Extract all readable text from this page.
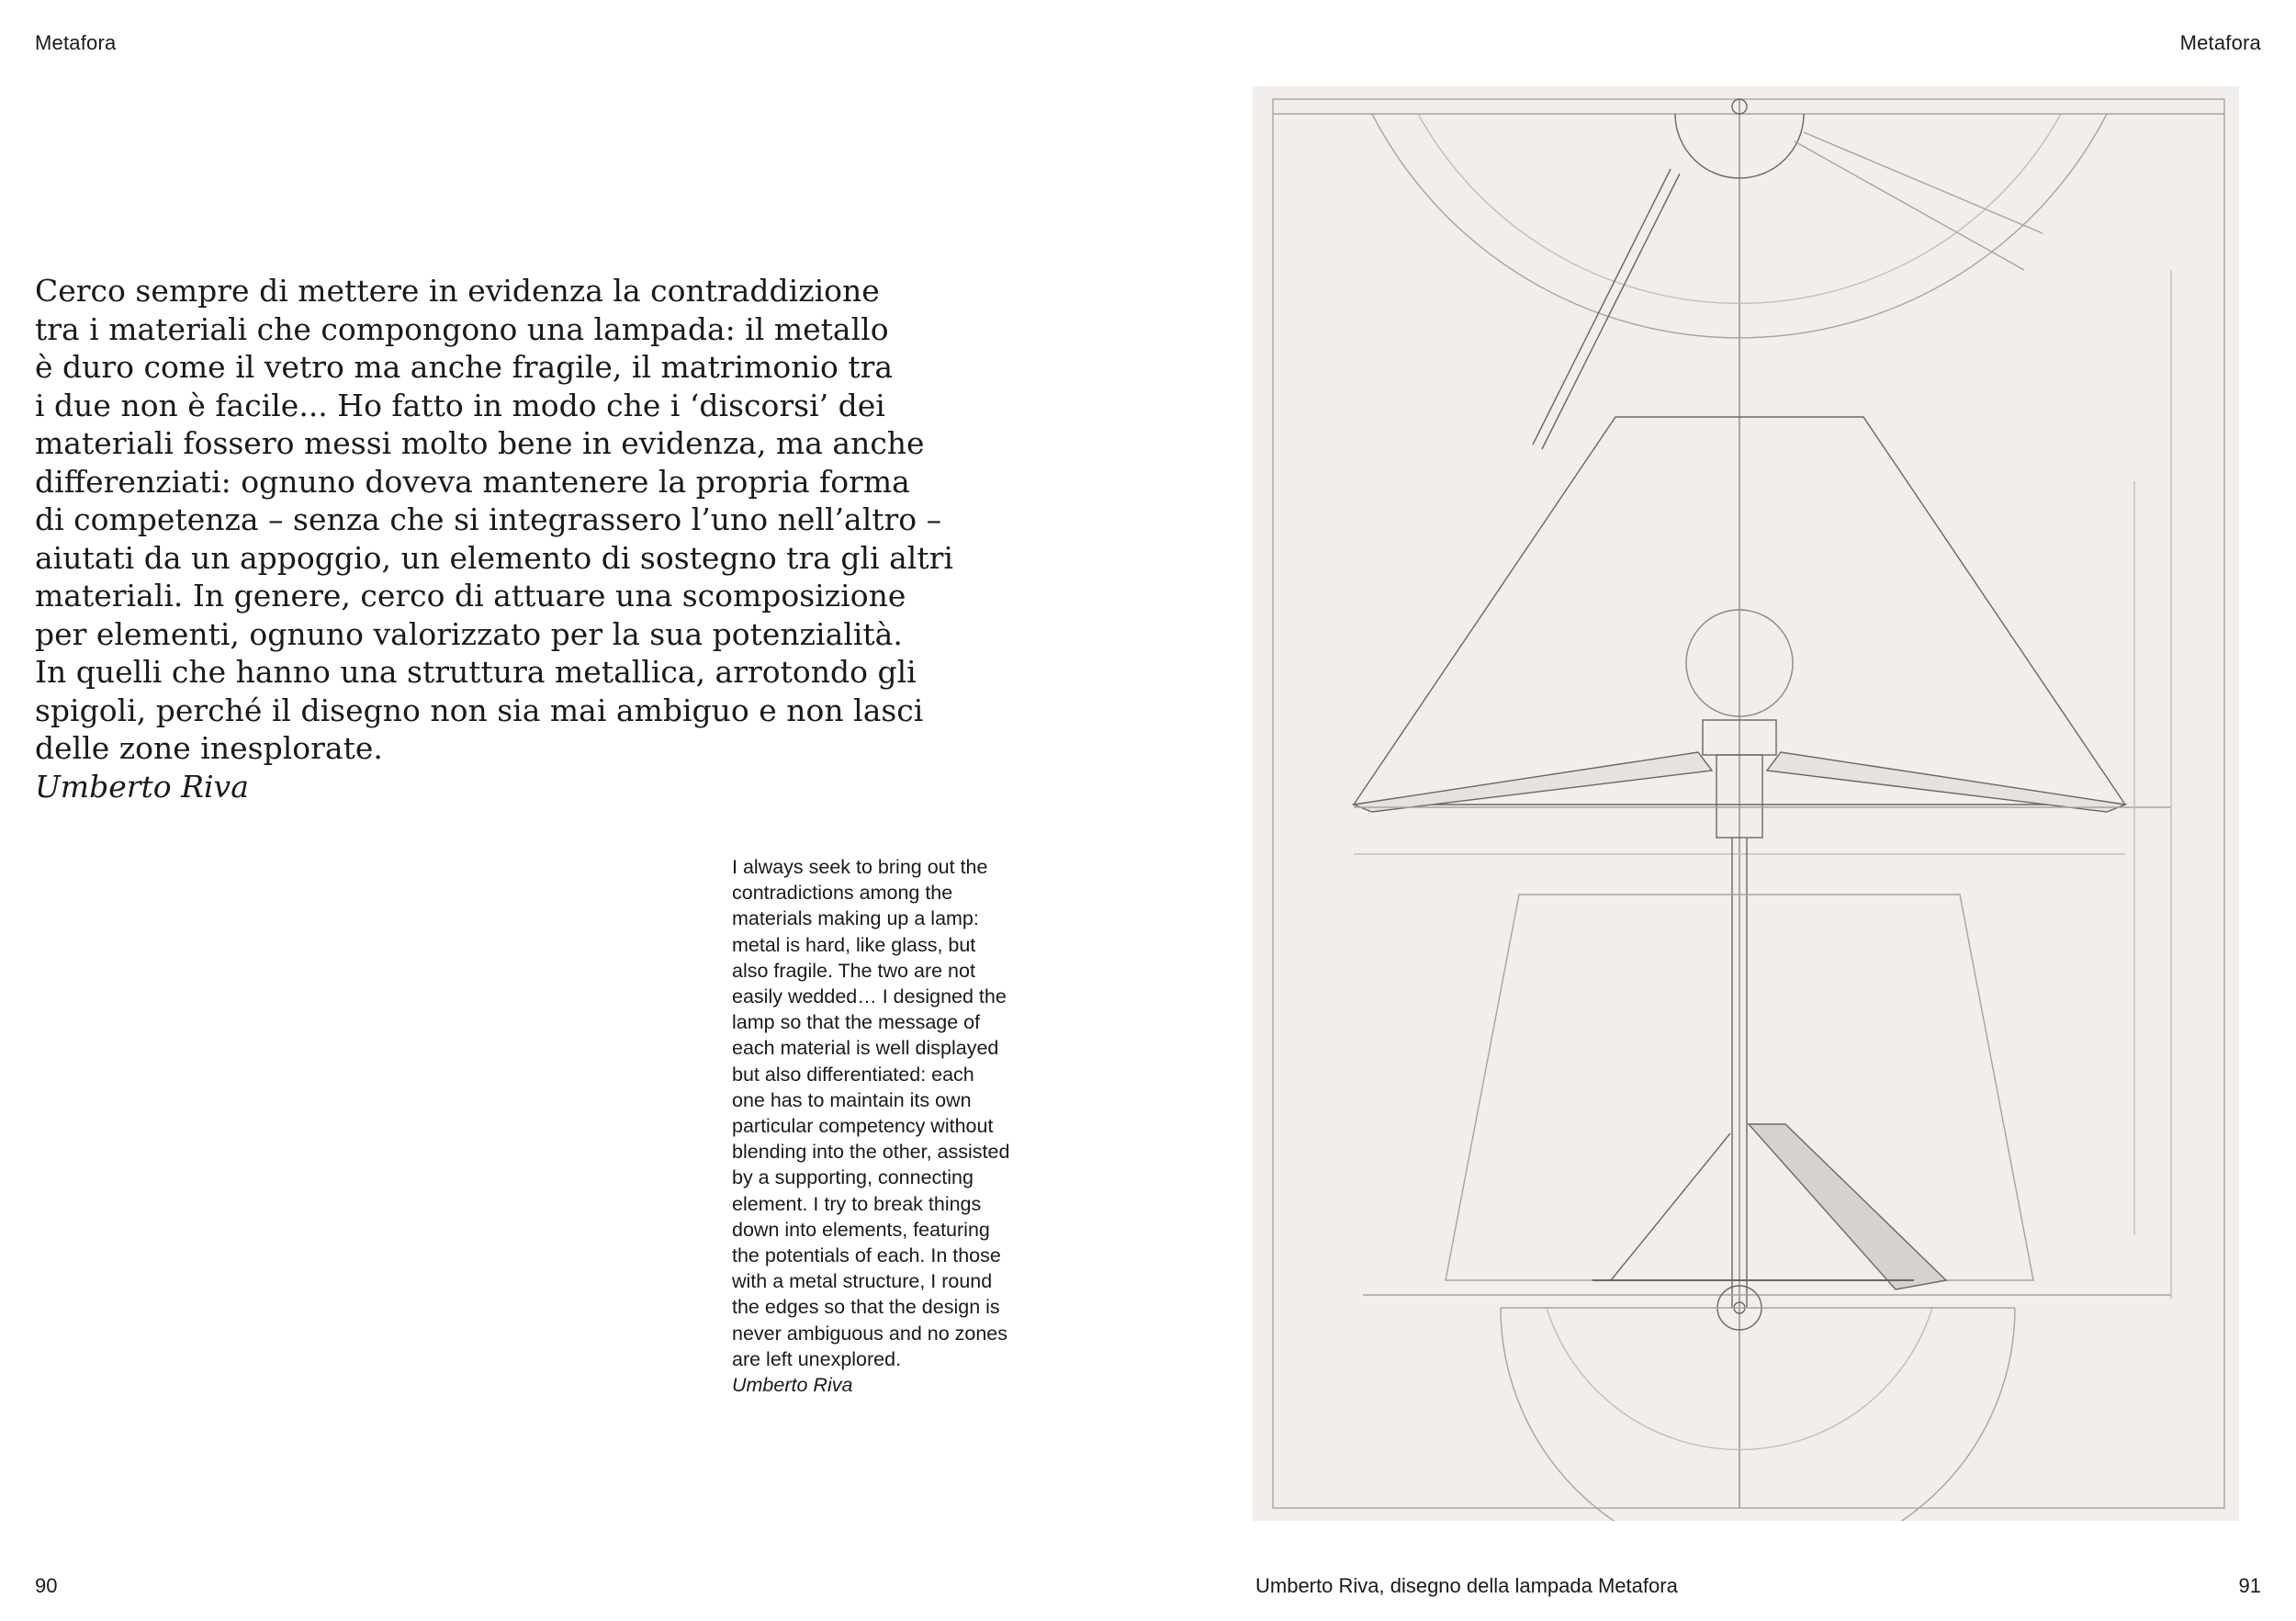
Metafora	Metafora
Cerco sempre di mettere in evidenza la contraddizione
tra i materiali che compongono una lampada: il metallo
è duro come il vetro ma anche fragile, il matrimonio tra
i due non è facile... Ho fatto in modo che i ‘discorsi’ dei
materiali fossero messi molto bene in evidenza, ma anche
differenziati: ognuno doveva mantenere la propria forma
di competenza – senza che si integrassero l’uno nell’altro –
aiutati da un appoggio, un elemento di sostegno tra gli altri
materiali. In genere, cerco di attuare una scomposizione
per elementi, ognuno valorizzato per la sua potenzialità.
In quelli che hanno una struttura metallica, arrotondo gli
spigoli, perché il disegno non sia mai ambiguo e non lasci
delle zone inesplorate.
Umberto Riva
I always seek to bring out the
contradictions among the
materials making up a lamp:
metal is hard, like glass, but
also fragile. The two are not
easily wedded… I designed the
lamp so that the message of
each material is well displayed
but also differentiated: each
one has to maintain its own
particular competency without
blending into the other, assisted
by a supporting, connecting
element. I try to break things
down into elements, featuring
the potentials of each. In those
with a metal structure, I round
the edges so that the design is
never ambiguous and no zones
are left unexplored.
Umberto Riva
90	Umberto Riva, disegno della lampada Metafora	91
